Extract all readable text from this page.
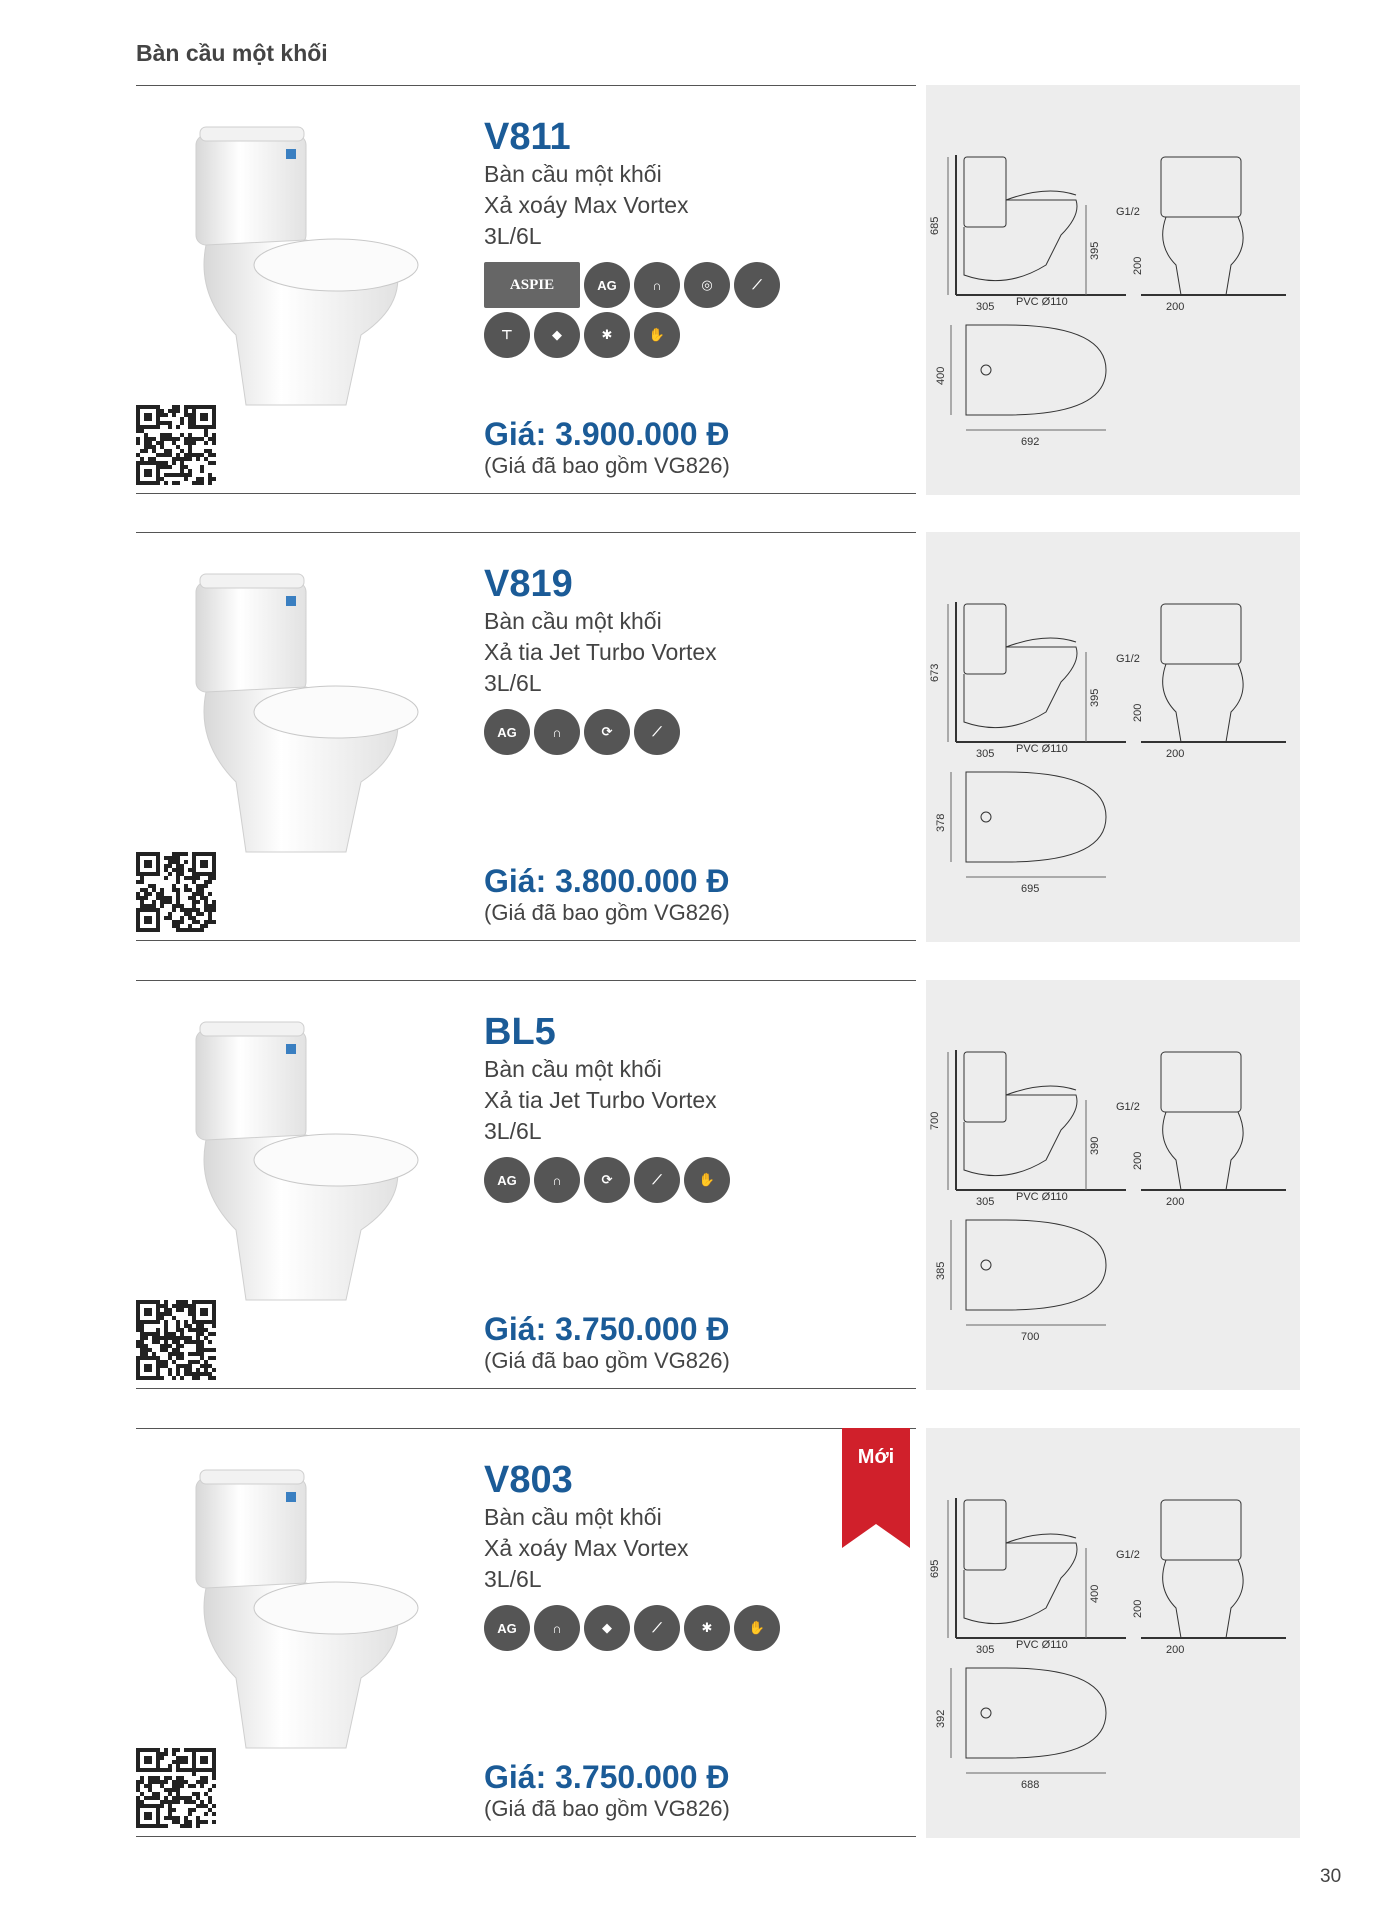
Bàn cầu một khối
V811
Bàn cầu một khối
Xả xoáy Max Vortex
3L/6L
ASPIE	AG	∩	◎	⟋
⊤	◆	✱	✋
Giá: 3.900.000 Đ
(Giá đã bao gồm VG826)
685
395
305 PVC Ø110
692
400
G1/2
200
200
V819
Bàn cầu một khối
Xả tia Jet Turbo Vortex
3L/6L
AG	∩	⟳	⟋
Giá: 3.800.000 Đ
(Giá đã bao gồm VG826)
673
395
305 PVC Ø110
695
378
G1/2
200
200
BL5
Bàn cầu một khối
Xả tia Jet Turbo Vortex
3L/6L
AG	∩	⟳	⟋	✋
Giá: 3.750.000 Đ
(Giá đã bao gồm VG826)
700
390
305 PVC Ø110
700
385
G1/2
200
200
V803
Bàn cầu một khối
Xả xoáy Max Vortex
3L/6L
AG	∩	◆	⟋	✱	✋
Giá: 3.750.000 Đ
(Giá đã bao gồm VG826)
695
400
305 PVC Ø110
688
392
G1/2
200
200
Mới
30
